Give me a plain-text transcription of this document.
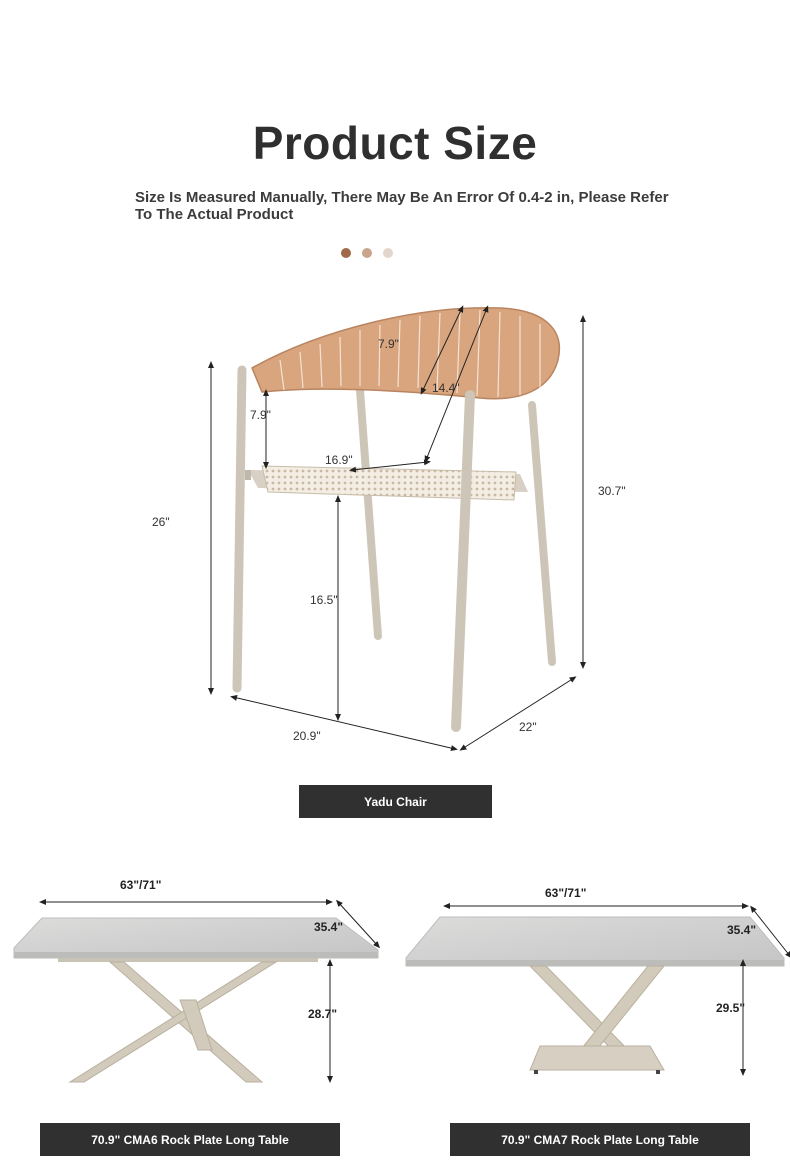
Product Size
Size Is Measured Manually, There May Be An Error Of 0.4-2 in, Please Refer To The Actual Product
7.9"
14.4"
7.9"
16.9"
26"
30.7"
16.5"
20.9"
22"
63"/71"
35.4"
28.7"
63"/71"
35.4"
29.5"
Yadu Chair
70.9" CMA6 Rock Plate Long Table	70.9" CMA7 Rock Plate Long Table
